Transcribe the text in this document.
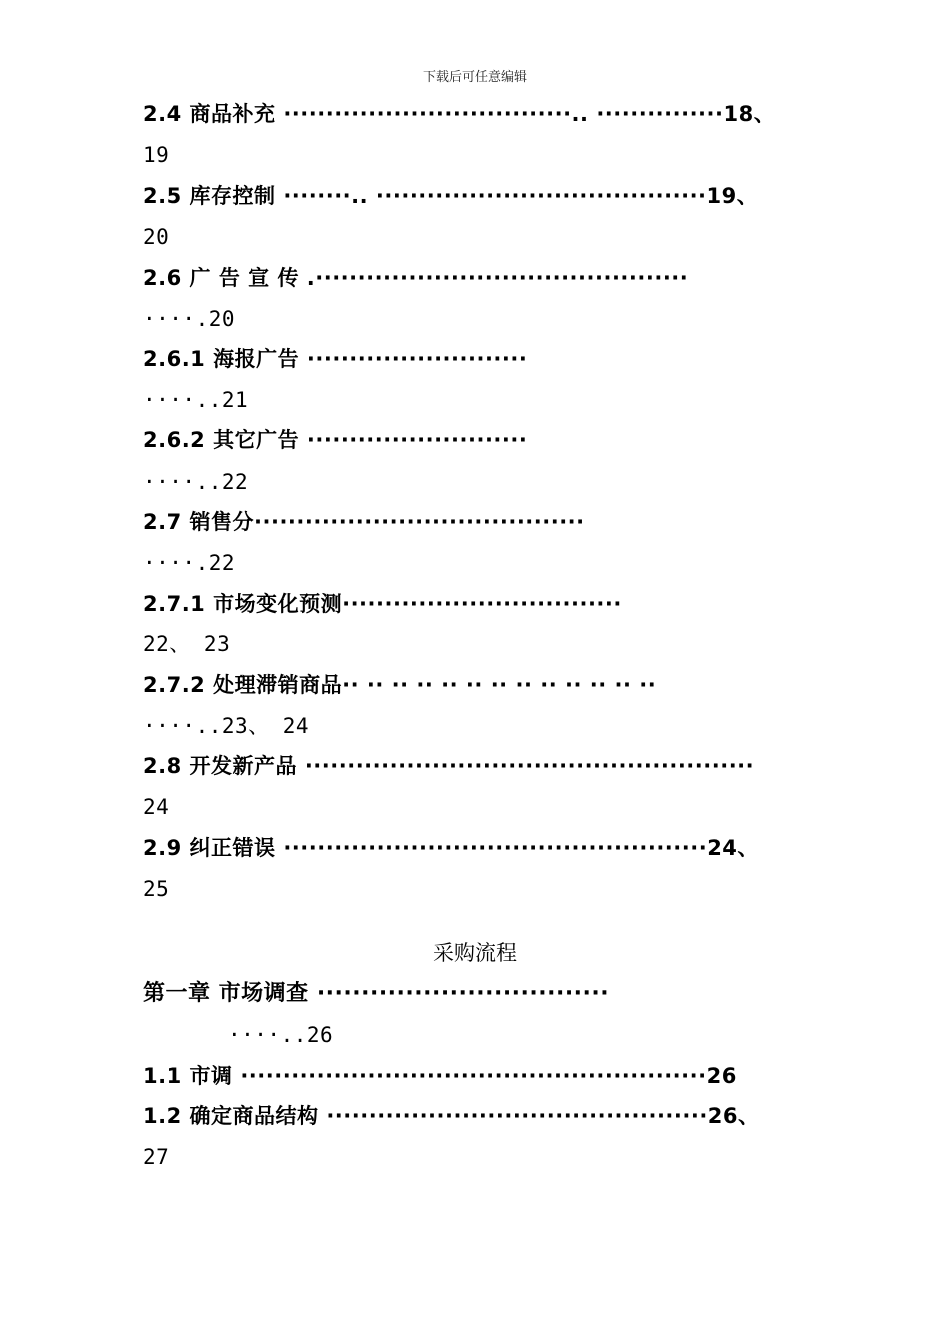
下载后可任意编辑
2.4 商品补充 ··································.. ···············18、
19
2.5 库存控制 ········.. ·······································19、
20
2.6 广 告 宣 传 .············································
····.20
2.6.1 海报广告 ··························
····..21
2.6.2 其它广告 ··························
····..22
2.7 销售分·······································
····.22
2.7.1 市场变化预测·································
22、 23
2.7.2 处理滞销商品·· ·· ·· ·· ·· ·· ·· ·· ·· ·· ·· ·· ··
····..23、 24
2.8 开发新产品 ·····················································
24
2.9 纠正错误 ··················································24、
25
采购流程
第一章 市场调查 ·································
····..26
1.1 市调 ·······················································26
1.2 确定商品结构 ·············································26、
27
